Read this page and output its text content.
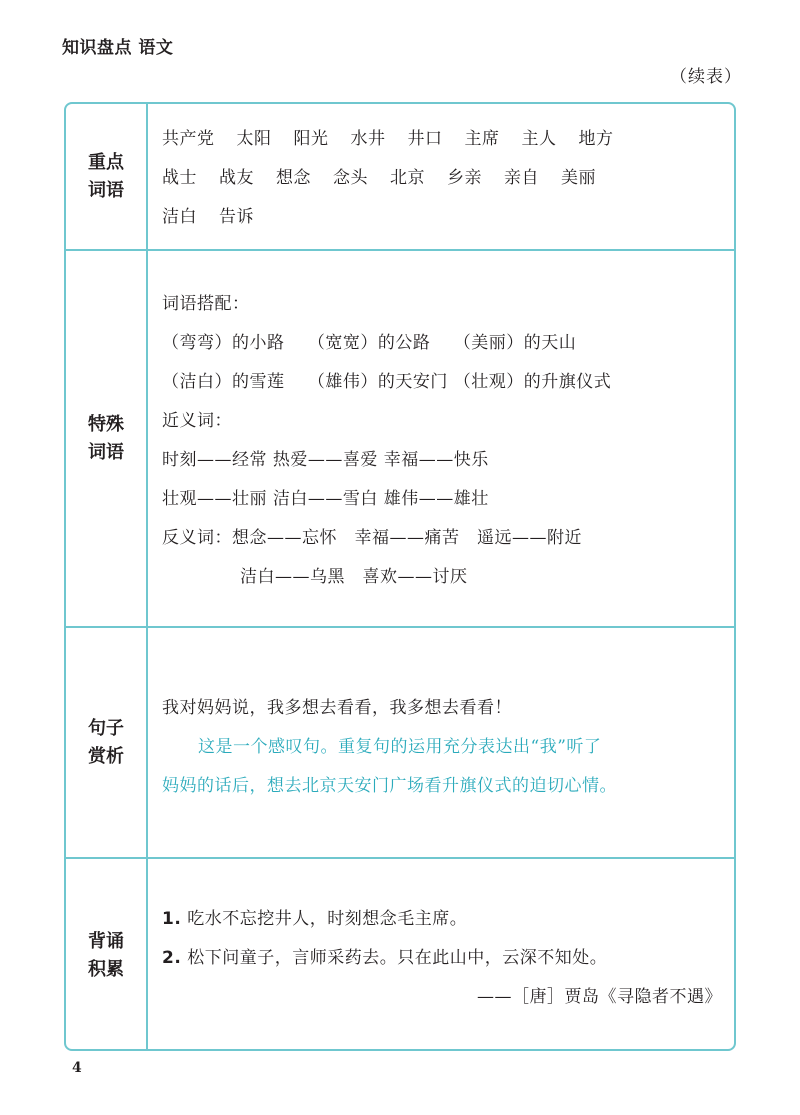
知识盘点 语文
（续表）
重点
词语
共产党 太阳 阳光 水井 井口 主席 主人 地方
战士 战友 想念 念头 北京 乡亲 亲自 美丽
洁白 告诉
特殊
词语
词语搭配：
（弯弯）的小路　 （宽宽）的公路　 （美丽）的天山
（洁白）的雪莲　 （雄伟）的天安门 （壮观）的升旗仪式
近义词：
时刻——经常 热爱——喜爱 幸福——快乐
壮观——壮丽 洁白——雪白 雄伟——雄壮
反义词：想念——忘怀　幸福——痛苦　遥远——附近
洁白——乌黑　喜欢——讨厌
句子
赏析
我对妈妈说，我多想去看看，我多想去看看！
这是一个感叹句。重复句的运用充分表达出“我”听了
妈妈的话后，想去北京天安门广场看升旗仪式的迫切心情。
背诵
积累
1. 吃水不忘挖井人，时刻想念毛主席。
2. 松下问童子，言师采药去。只在此山中，云深不知处。
——［唐］贾岛《寻隐者不遇》
4
